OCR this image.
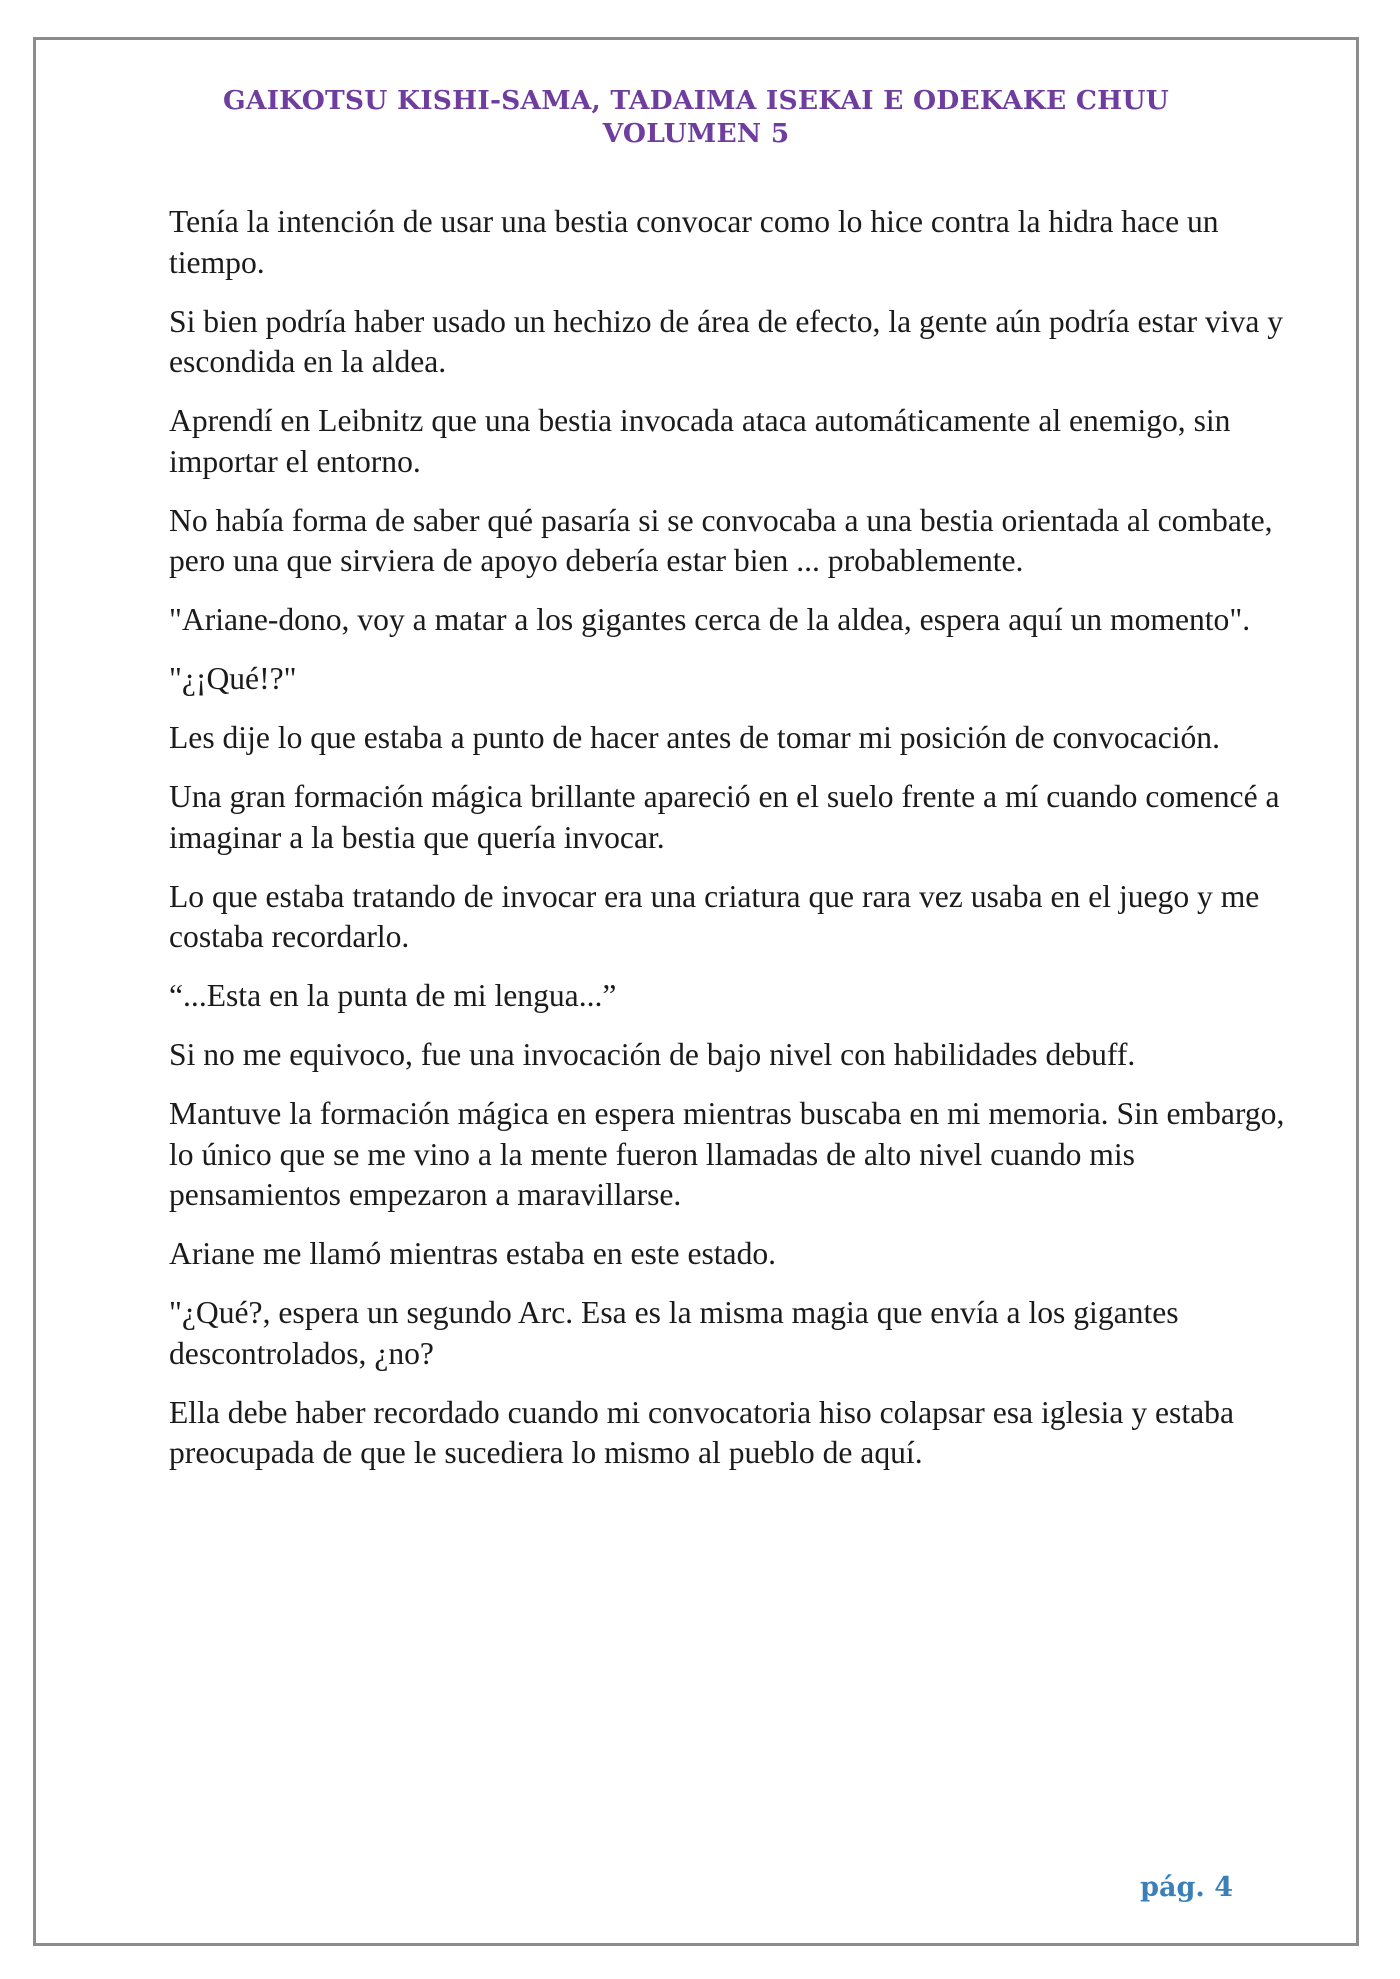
GAIKOTSU KISHI-SAMA, TADAIMA ISEKAI E ODEKAKE CHUU
VOLUMEN 5

Tenía la intención de usar una bestia convocar como lo hice contra la hidra hace un tiempo.

Si bien podría haber usado un hechizo de área de efecto, la gente aún podría estar viva y escondida en la aldea.

Aprendí en Leibnitz que una bestia invocada ataca automáticamente al enemigo, sin importar el entorno.

No había forma de saber qué pasaría si se convocaba a una bestia orientada al combate, pero una que sirviera de apoyo debería estar bien ... probablemente.

"Ariane-dono, voy a matar a los gigantes cerca de la aldea, espera aquí un momento".

"¿¡Qué!?"

Les dije lo que estaba a punto de hacer antes de tomar mi posición de convocación.

Una gran formación mágica brillante apareció en el suelo frente a mí cuando comencé a imaginar a la bestia que quería invocar.

Lo que estaba tratando de invocar era una criatura que rara vez usaba en el juego y me costaba recordarlo.

“...Esta en la punta de mi lengua...”

Si no me equivoco, fue una invocación de bajo nivel con habilidades debuff.

Mantuve la formación mágica en espera mientras buscaba en mi memoria. Sin embargo, lo único que se me vino a la mente fueron llamadas de alto nivel cuando mis pensamientos empezaron a maravillarse.

Ariane me llamó mientras estaba en este estado.

"¿Qué?, espera un segundo Arc. Esa es la misma magia que envía a los gigantes descontrolados, ¿no?

Ella debe haber recordado cuando mi convocatoria hiso colapsar esa iglesia y estaba preocupada de que le sucediera lo mismo al pueblo de aquí.

pág. 4
